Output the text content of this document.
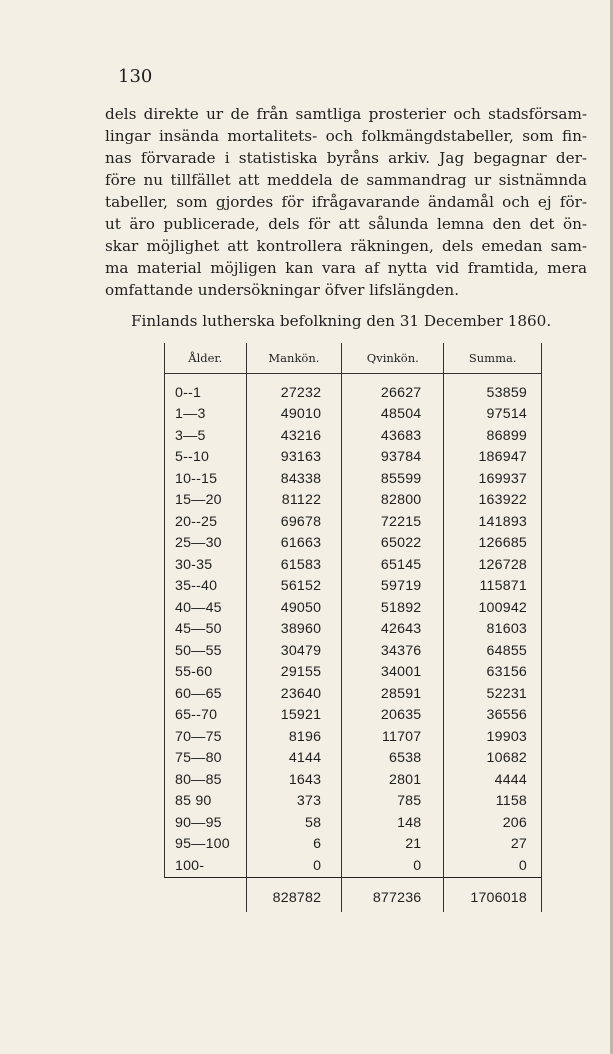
130
dels direkte ur de från samtliga prosterier och stadsförsam-
lingar insända mortalitets- och folkmängdstabeller, som fin-
nas förvarade i statistiska byråns arkiv. Jag begagnar der-
före nu tillfället att meddela de sammandrag ur sistnämnda
tabeller, som gjordes för ifrågavarande ändamål och ej för-
ut äro publicerade, dels för att sålunda lemna den det ön-
skar möjlighet att kontrollera räkningen, dels emedan sam-
ma material möjligen kan vara af nytta vid framtida, mera
omfattande undersökningar öfver lifslängden.
Finlands lutherska befolkning den 31 December 1860.
Ålder.	Mankön.	Qvinkön.	Summa.
0--1	27232	26627	53859
1—3	49010	48504	97514
3—5	43216	43683	86899
5--10	93163	93784	186947
10--15	84338	85599	169937
15—20	81122	82800	163922
20--25	69678	72215	141893
25—30	61663	65022	126685
30-35	61583	65145	126728
35--40	56152	59719	115871
40—45	49050	51892	100942
45—50	38960	42643	81603
50—55	30479	34376	64855
55-60	29155	34001	63156
60—65	23640	28591	52231
65--70	15921	20635	36556
70—75	8196	11707	19903
75—80	4144	6538	10682
80—85	1643	2801	4444
85 90	373	785	1158
90—95	58	148	206
95—100	6	21	27
100-	0	0	0
	828782	877236	1706018
